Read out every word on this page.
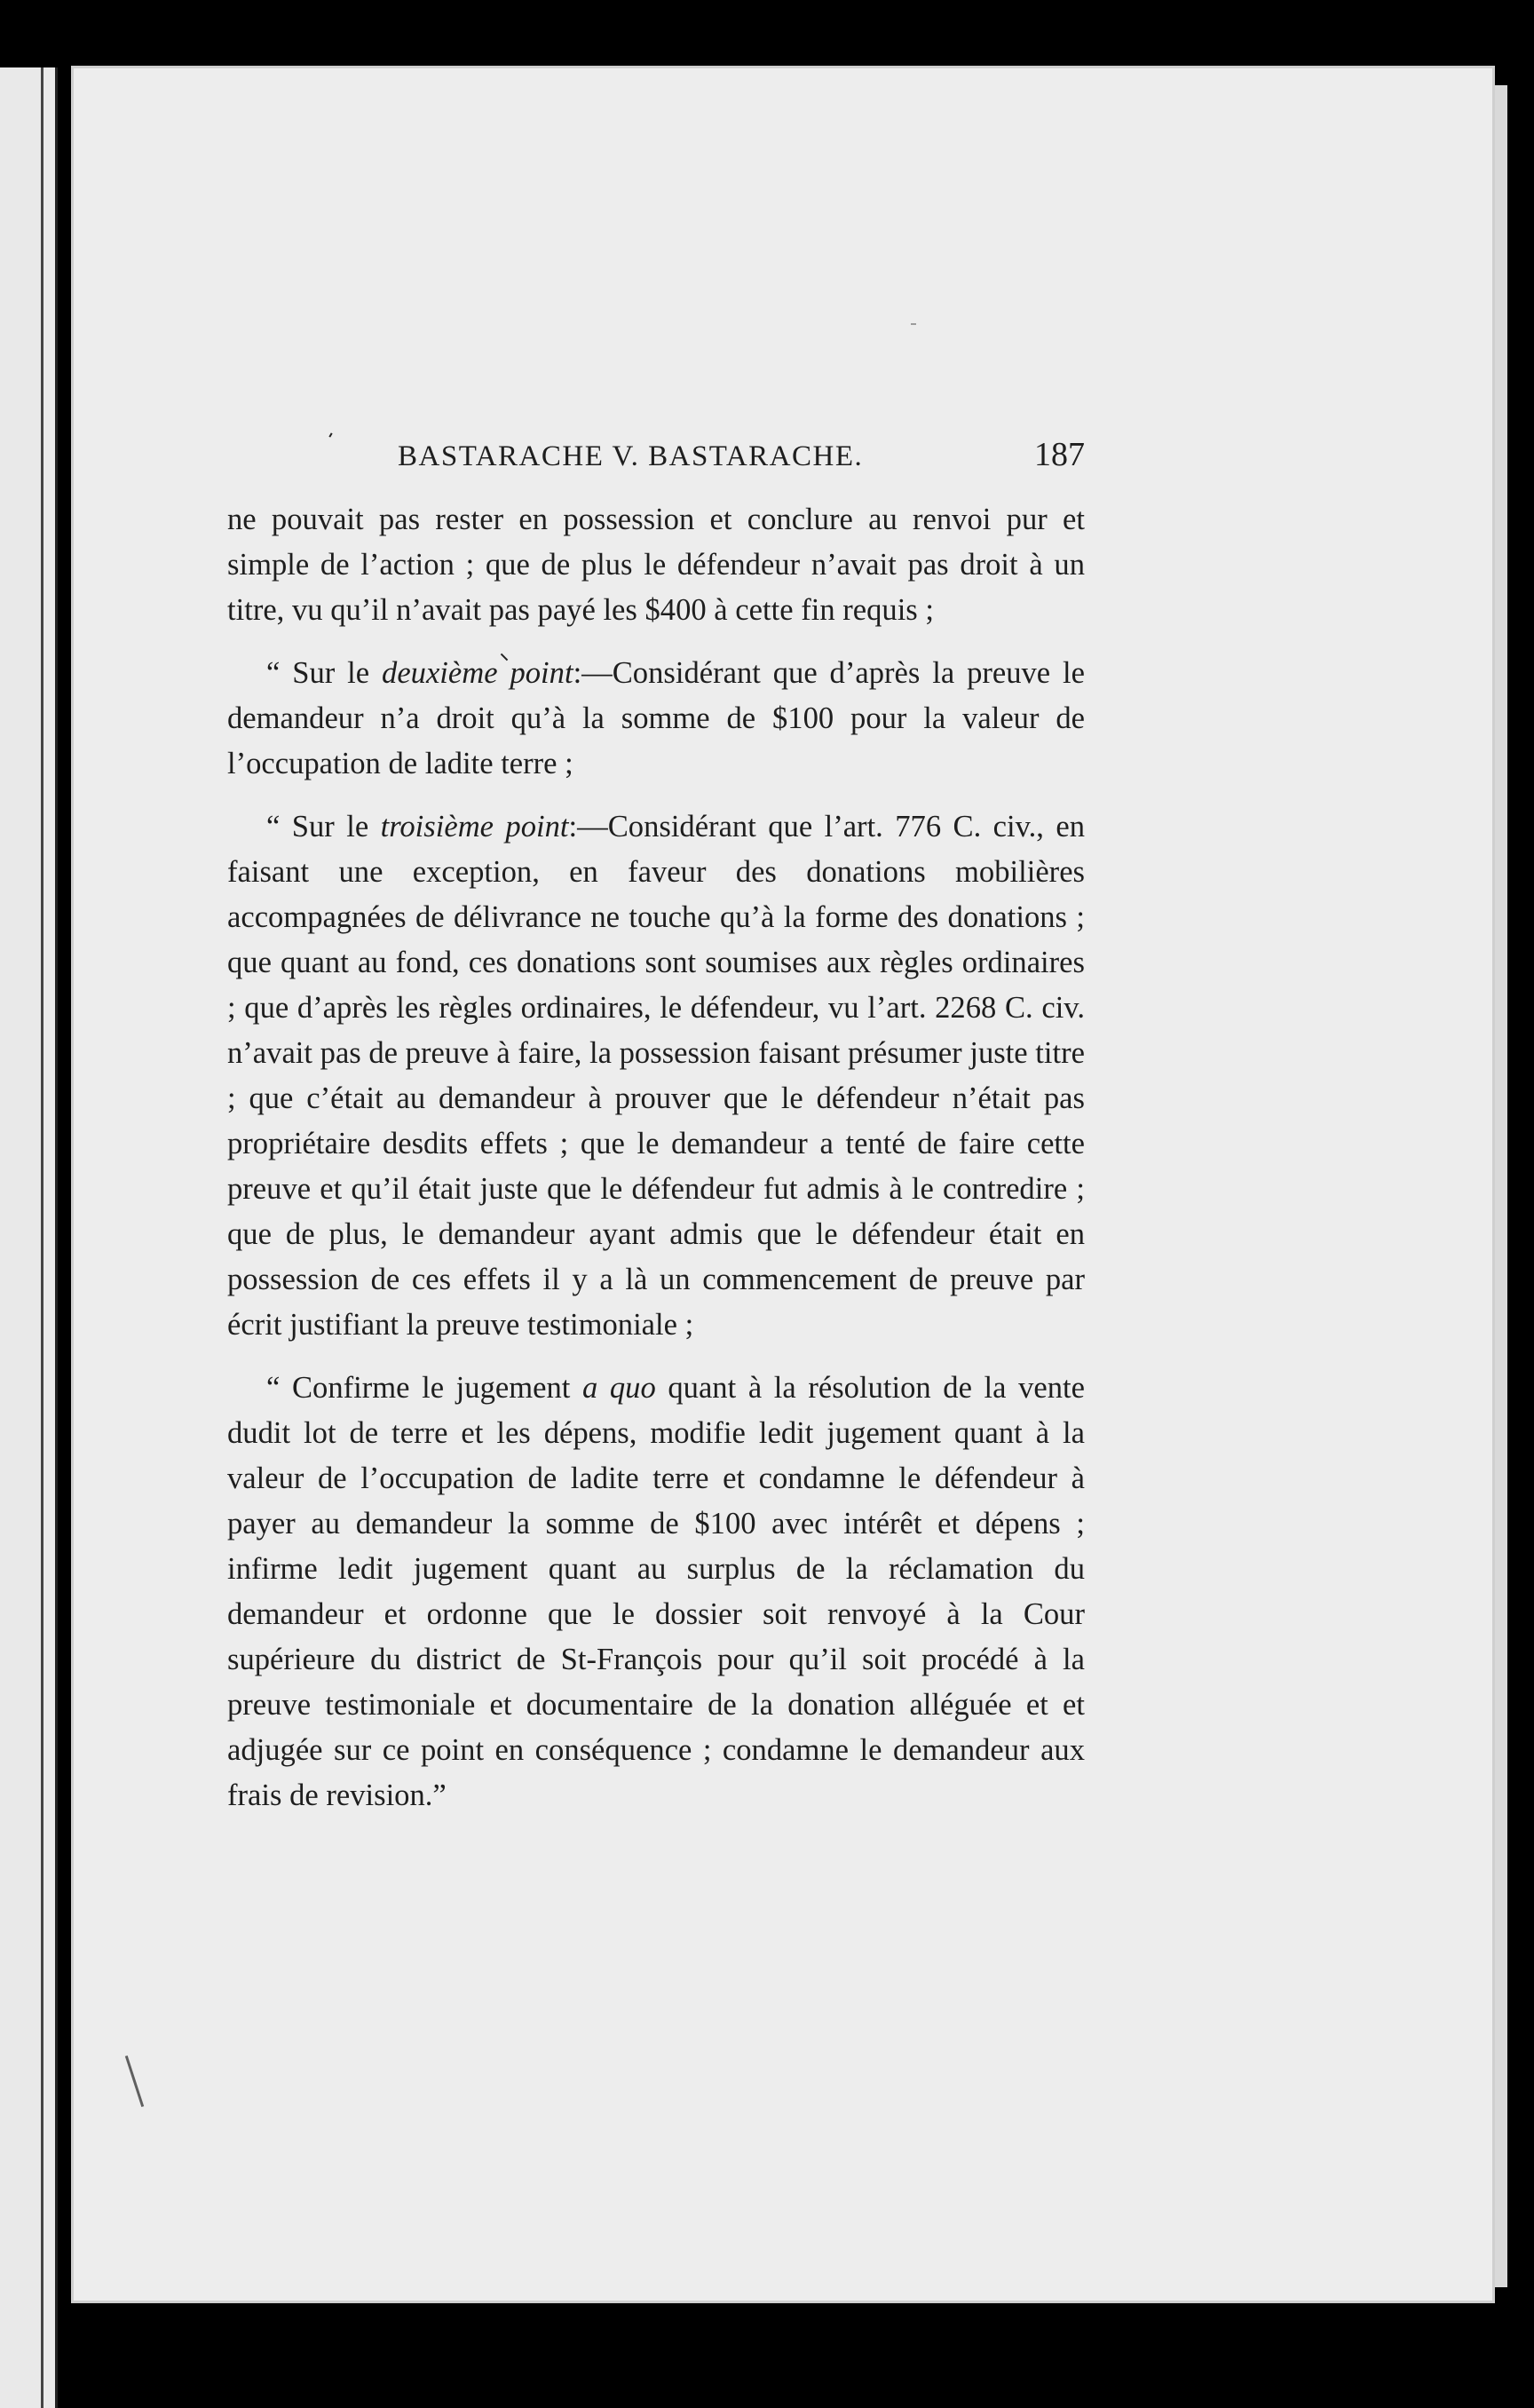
BASTARACHE V. BASTARACHE.	187

ne pouvait pas rester en possession et conclure au renvoi pur et simple de l’action ; que de plus le défendeur n’avait pas droit à un titre, vu qu’il n’avait pas payé les $400 à cette fin requis ;

“ Sur le deuxième point:—Considérant que d’après la preuve le demandeur n’a droit qu’à la somme de $100 pour la valeur de l’occupation de ladite terre ;

“ Sur le troisième point:—Considérant que l’art. 776 C. civ., en faisant une exception, en faveur des donations mobilières accompagnées de délivrance ne touche qu’à la forme des donations ; que quant au fond, ces donations sont soumises aux règles ordinaires ; que d’après les règles ordinaires, le défendeur, vu l’art. 2268 C. civ. n’avait pas de preuve à faire, la possession faisant présumer juste titre ; que c’était au demandeur à prouver que le défendeur n’était pas propriétaire desdits effets ; que le demandeur a tenté de faire cette preuve et qu’il était juste que le défendeur fut admis à le contredire ; que de plus, le demandeur ayant admis que le défendeur était en possession de ces effets il y a là un commencement de preuve par écrit justifiant la preuve testimoniale ;

“ Confirme le jugement a quo quant à la résolution de la vente dudit lot de terre et les dépens, modifie ledit jugement quant à la valeur de l’occupation de ladite terre et condamne le défendeur à payer au demandeur la somme de $100 avec intérêt et dépens ; infirme ledit jugement quant au surplus de la réclamation du demandeur et ordonne que le dossier soit renvoyé à la Cour supérieure du district de St-François pour qu’il soit procédé à la preuve testimoniale et documentaire de la donation alléguée et et adjugée sur ce point en conséquence ; condamne le demandeur aux frais de revision.”
